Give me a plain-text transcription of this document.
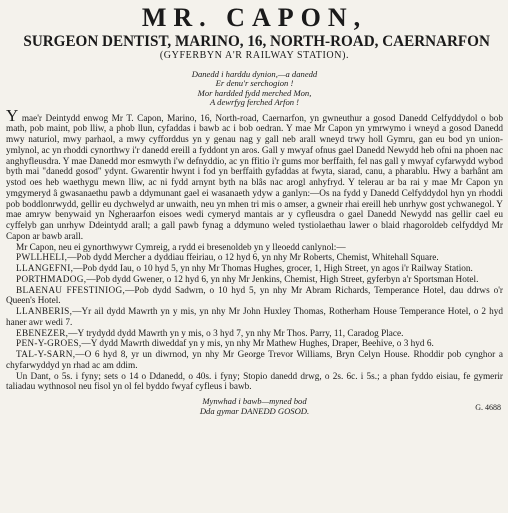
MR. CAPON,
SURGEON DENTIST, MARINO, 16, NORTH-ROAD, CAERNARFON
(GYFERBYN A'R RAILWAY STATION).
Danedd i harddu dynion,—a danedd
Er denu'r serchogion !
Mor hardded fydd merched Mon,
A dewrfyg ferched Arfon !

Y mae'r Deintydd enwog Mr T. Capon, Marino, 16, North-road, Caernarfon, yn gwneuthur a gosod Danedd Celfyddydol o bob math, pob maint, pob lliw, a phob llun, cyfaddas i bawb ac i bob oedran. Y mae Mr Capon yn ymrwymo i wneyd a gosod Danedd mwy naturiol, mwy parhaol, a mwy cyfforddus yn y genau nag y gall neb arall wneyd trwy holl Gymru, gan eu bod yn union-ymlynol, ac yn rhoddi cynorthwy i'r danedd ereill a fyddont yn aros. Gall y mwyaf ofnus gael Danedd Newydd heb ofni na phoen nac anghyfleusdra. Y mae Danedd mor esmwyth i'w defnyddio, ac yn ffitio i'r gums mor berffaith, fel nas gall y mwyaf cyfarwydd wybod byth mai "danedd gosod" ydynt. Gwarentir hwynt i fod yn berffaith gyfaddas at fwyta, siarad, canu, a pharablu. Hwy a barhânt am ystod oes heb waethygu mewn lliw, ac ni fydd arnynt byth na blâs nac arogl anhyfryd. Y telerau ar ba rai y mae Mr Capon yn ymgymeryd â gwasanaethu pawb a ddymunant gael ei wasanaeth ydyw a ganlyn:—Os na fydd y Danedd Celfyddydol hyn yn rhoddi pob boddlonrwydd, gellir eu dychwelyd ar unwaith, neu yn mhen tri mis o amser, a gwneir rhai ereill heb unrhyw gost ychwanegol. Y mae amryw benywaid yn Ngheraarfon eisoes wedi cymeryd mantais ar y cyfleusdra o gael Danedd Newydd nas gellir cael eu cyffelyb gan unrhyw Ddeintydd arall; a gall pawb fynag a ddymuno weled tystiolaethau lawer o blaid rhagoroldeb celfyddyd Mr Capon ar bawb arall.

Mr Capon, neu ei gynorthwywr Cymreig, a rydd ei bresenoldeb yn y lleoedd canlynol:—

PWLLHELI,—Pob dydd Mercher a dyddiau ffeiriau, o 12 hyd 6, yn nhy Mr Roberts, Chemist, Whitehall Square.

LLANGEFNI,—Pob dydd Iau, o 10 hyd 5, yn nhy Mr Thomas Hughes, grocer, 1, High Street, yn agos i'r Railway Station.

PORTHMADOG,—Pob dydd Gwener, o 12 hyd 6, yn nhy Mr Jenkins, Chemist, High Street, gyferbyn a'r Sportsman Hotel.

BLAENAU FFESTINIOG,—Pob dydd Sadwrn, o 10 hyd 5, yn nhy Mr Abram Richards, Temperance Hotel, dau ddrws o'r Queen's Hotel.

LLANBERIS,—Yr ail dydd Mawrth yn y mis, yn nhy Mr John Huxley Thomas, Rotherham House Temperance Hotel, o 2 hyd haner awr wedi 7.

EBENEZER,—Y trydydd dydd Mawrth yn y mis, o 3 hyd 7, yn nhy Mr Thos. Parry, 11, Caradog Place.

PEN-Y-GROES,—Y dydd Mawrth diweddaf yn y mis, yn nhy Mr Mathew Hughes, Draper, Beehive, o 3 hyd 6.

TAL-Y-SARN,—O 6 hyd 8, yr un diwrnod, yn nhy Mr George Trevor Williams, Bryn Celyn House. Rhoddir pob cynghor a chyfarwyddyd yn rhad ac am ddim.

Un Dant, o 5s. i fyny; sets o 14 o Ddanedd, o 40s. i fyny; Stopio danedd drwg, o 2s. 6c. i 5s.; a phan fyddo eisiau, fe gymerir taliadau wythnosol neu fisol yn ol fel byddo fwyaf cyfleus i bawb.

Mynwhad i bawb—myned bod
Dda gymar DANEDD GOSOD.	G. 4688
